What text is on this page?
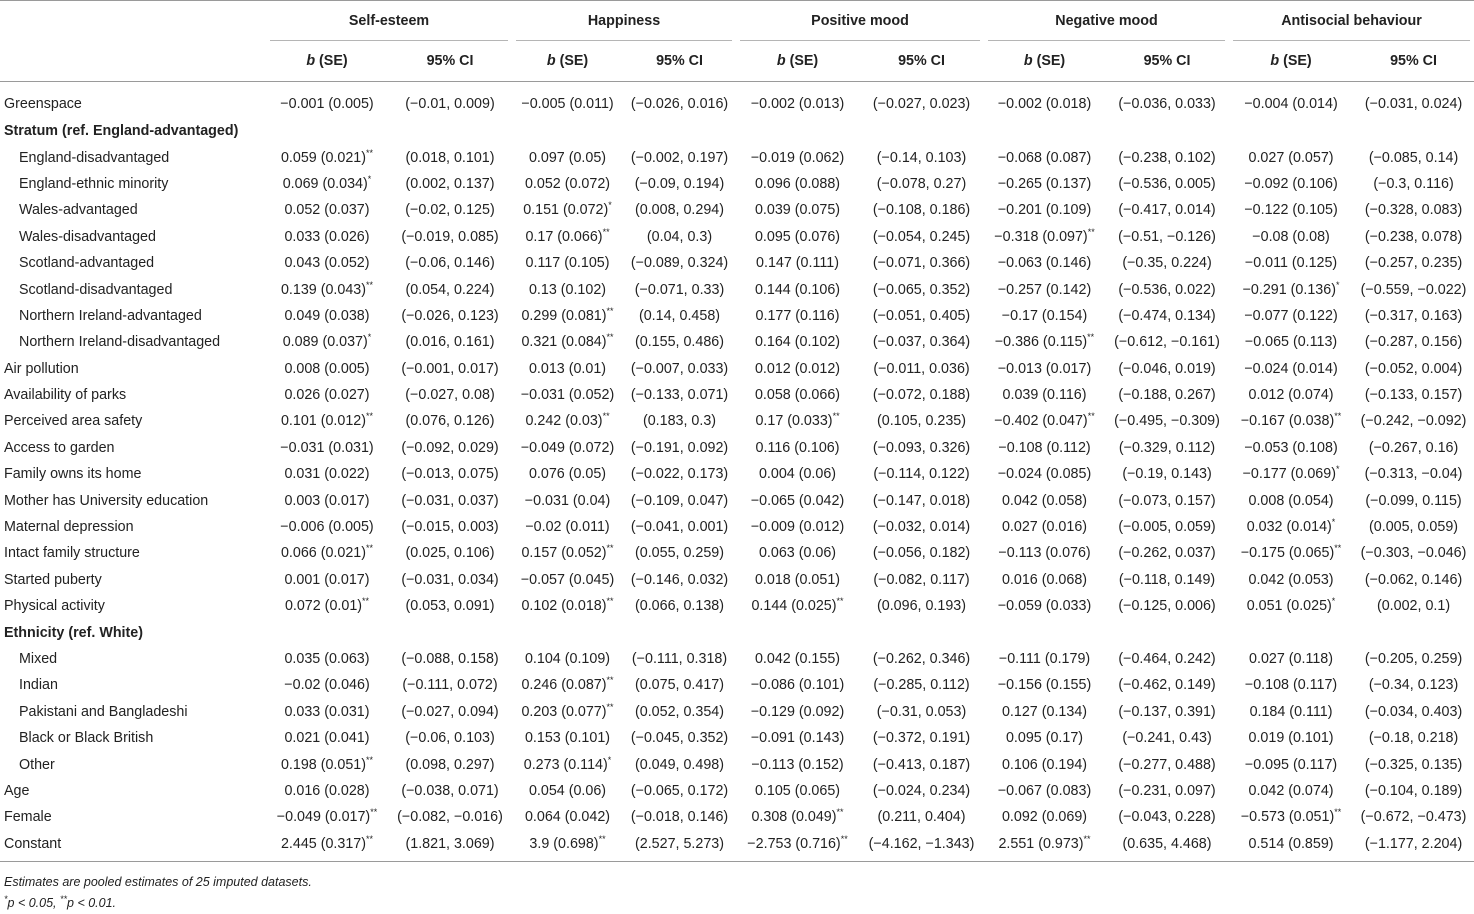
	Self-esteem		Happiness		Positive mood		Negative mood		Antisocial behaviour	

	b (SE)	95% CI	b (SE)	95% CI	b (SE)	95% CI	b (SE)	95% CI	b (SE)	95% CI
Greenspace	−0.001 (0.005)	(−0.01, 0.009)	−0.005 (0.011)	(−0.026, 0.016)	−0.002 (0.013)	(−0.027, 0.023)	−0.002 (0.018)	(−0.036, 0.033)	−0.004 (0.014)	(−0.031, 0.024)
Stratum (ref. England-advantaged)										
England-disadvantaged	0.059 (0.021)**	(0.018, 0.101)	0.097 (0.05)	(−0.002, 0.197)	−0.019 (0.062)	(−0.14, 0.103)	−0.068 (0.087)	(−0.238, 0.102)	0.027 (0.057)	(−0.085, 0.14)
England-ethnic minority	0.069 (0.034)*	(0.002, 0.137)	0.052 (0.072)	(−0.09, 0.194)	0.096 (0.088)	(−0.078, 0.27)	−0.265 (0.137)	(−0.536, 0.005)	−0.092 (0.106)	(−0.3, 0.116)
Wales-advantaged	0.052 (0.037)	(−0.02, 0.125)	0.151 (0.072)*	(0.008, 0.294)	0.039 (0.075)	(−0.108, 0.186)	−0.201 (0.109)	(−0.417, 0.014)	−0.122 (0.105)	(−0.328, 0.083)
Wales-disadvantaged	0.033 (0.026)	(−0.019, 0.085)	0.17 (0.066)**	(0.04, 0.3)	0.095 (0.076)	(−0.054, 0.245)	−0.318 (0.097)**	(−0.51, −0.126)	−0.08 (0.08)	(−0.238, 0.078)
Scotland-advantaged	0.043 (0.052)	(−0.06, 0.146)	0.117 (0.105)	(−0.089, 0.324)	0.147 (0.111)	(−0.071, 0.366)	−0.063 (0.146)	(−0.35, 0.224)	−0.011 (0.125)	(−0.257, 0.235)
Scotland-disadvantaged	0.139 (0.043)**	(0.054, 0.224)	0.13 (0.102)	(−0.071, 0.33)	0.144 (0.106)	(−0.065, 0.352)	−0.257 (0.142)	(−0.536, 0.022)	−0.291 (0.136)*	(−0.559, −0.022)
Northern Ireland-advantaged	0.049 (0.038)	(−0.026, 0.123)	0.299 (0.081)**	(0.14, 0.458)	0.177 (0.116)	(−0.051, 0.405)	−0.17 (0.154)	(−0.474, 0.134)	−0.077 (0.122)	(−0.317, 0.163)
Northern Ireland-disadvantaged	0.089 (0.037)*	(0.016, 0.161)	0.321 (0.084)**	(0.155, 0.486)	0.164 (0.102)	(−0.037, 0.364)	−0.386 (0.115)**	(−0.612, −0.161)	−0.065 (0.113)	(−0.287, 0.156)
Air pollution	0.008 (0.005)	(−0.001, 0.017)	0.013 (0.01)	(−0.007, 0.033)	0.012 (0.012)	(−0.011, 0.036)	−0.013 (0.017)	(−0.046, 0.019)	−0.024 (0.014)	(−0.052, 0.004)
Availability of parks	0.026 (0.027)	(−0.027, 0.08)	−0.031 (0.052)	(−0.133, 0.071)	0.058 (0.066)	(−0.072, 0.188)	0.039 (0.116)	(−0.188, 0.267)	0.012 (0.074)	(−0.133, 0.157)
Perceived area safety	0.101 (0.012)**	(0.076, 0.126)	0.242 (0.03)**	(0.183, 0.3)	0.17 (0.033)**	(0.105, 0.235)	−0.402 (0.047)**	(−0.495, −0.309)	−0.167 (0.038)**	(−0.242, −0.092)
Access to garden	−0.031 (0.031)	(−0.092, 0.029)	−0.049 (0.072)	(−0.191, 0.092)	0.116 (0.106)	(−0.093, 0.326)	−0.108 (0.112)	(−0.329, 0.112)	−0.053 (0.108)	(−0.267, 0.16)
Family owns its home	0.031 (0.022)	(−0.013, 0.075)	0.076 (0.05)	(−0.022, 0.173)	0.004 (0.06)	(−0.114, 0.122)	−0.024 (0.085)	(−0.19, 0.143)	−0.177 (0.069)*	(−0.313, −0.04)
Mother has University education	0.003 (0.017)	(−0.031, 0.037)	−0.031 (0.04)	(−0.109, 0.047)	−0.065 (0.042)	(−0.147, 0.018)	0.042 (0.058)	(−0.073, 0.157)	0.008 (0.054)	(−0.099, 0.115)
Maternal depression	−0.006 (0.005)	(−0.015, 0.003)	−0.02 (0.011)	(−0.041, 0.001)	−0.009 (0.012)	(−0.032, 0.014)	0.027 (0.016)	(−0.005, 0.059)	0.032 (0.014)*	(0.005, 0.059)
Intact family structure	0.066 (0.021)**	(0.025, 0.106)	0.157 (0.052)**	(0.055, 0.259)	0.063 (0.06)	(−0.056, 0.182)	−0.113 (0.076)	(−0.262, 0.037)	−0.175 (0.065)**	(−0.303, −0.046)
Started puberty	0.001 (0.017)	(−0.031, 0.034)	−0.057 (0.045)	(−0.146, 0.032)	0.018 (0.051)	(−0.082, 0.117)	0.016 (0.068)	(−0.118, 0.149)	0.042 (0.053)	(−0.062, 0.146)
Physical activity	0.072 (0.01)**	(0.053, 0.091)	0.102 (0.018)**	(0.066, 0.138)	0.144 (0.025)**	(0.096, 0.193)	−0.059 (0.033)	(−0.125, 0.006)	0.051 (0.025)*	(0.002, 0.1)
Ethnicity (ref. White)										
Mixed	0.035 (0.063)	(−0.088, 0.158)	0.104 (0.109)	(−0.111, 0.318)	0.042 (0.155)	(−0.262, 0.346)	−0.111 (0.179)	(−0.464, 0.242)	0.027 (0.118)	(−0.205, 0.259)
Indian	−0.02 (0.046)	(−0.111, 0.072)	0.246 (0.087)**	(0.075, 0.417)	−0.086 (0.101)	(−0.285, 0.112)	−0.156 (0.155)	(−0.462, 0.149)	−0.108 (0.117)	(−0.34, 0.123)
Pakistani and Bangladeshi	0.033 (0.031)	(−0.027, 0.094)	0.203 (0.077)**	(0.052, 0.354)	−0.129 (0.092)	(−0.31, 0.053)	0.127 (0.134)	(−0.137, 0.391)	0.184 (0.111)	(−0.034, 0.403)
Black or Black British	0.021 (0.041)	(−0.06, 0.103)	0.153 (0.101)	(−0.045, 0.352)	−0.091 (0.143)	(−0.372, 0.191)	0.095 (0.17)	(−0.241, 0.43)	0.019 (0.101)	(−0.18, 0.218)
Other	0.198 (0.051)**	(0.098, 0.297)	0.273 (0.114)*	(0.049, 0.498)	−0.113 (0.152)	(−0.413, 0.187)	0.106 (0.194)	(−0.277, 0.488)	−0.095 (0.117)	(−0.325, 0.135)
Age	0.016 (0.028)	(−0.038, 0.071)	0.054 (0.06)	(−0.065, 0.172)	0.105 (0.065)	(−0.024, 0.234)	−0.067 (0.083)	(−0.231, 0.097)	0.042 (0.074)	(−0.104, 0.189)
Female	−0.049 (0.017)**	(−0.082, −0.016)	0.064 (0.042)	(−0.018, 0.146)	0.308 (0.049)**	(0.211, 0.404)	0.092 (0.069)	(−0.043, 0.228)	−0.573 (0.051)**	(−0.672, −0.473)
Constant	2.445 (0.317)**	(1.821, 3.069)	3.9 (0.698)**	(2.527, 5.273)	−2.753 (0.716)**	(−4.162, −1.343)	2.551 (0.973)**	(0.635, 4.468)	0.514 (0.859)	(−1.177, 2.204)
Estimates are pooled estimates of 25 imputed datasets.
*p < 0.05, **p < 0.01.
